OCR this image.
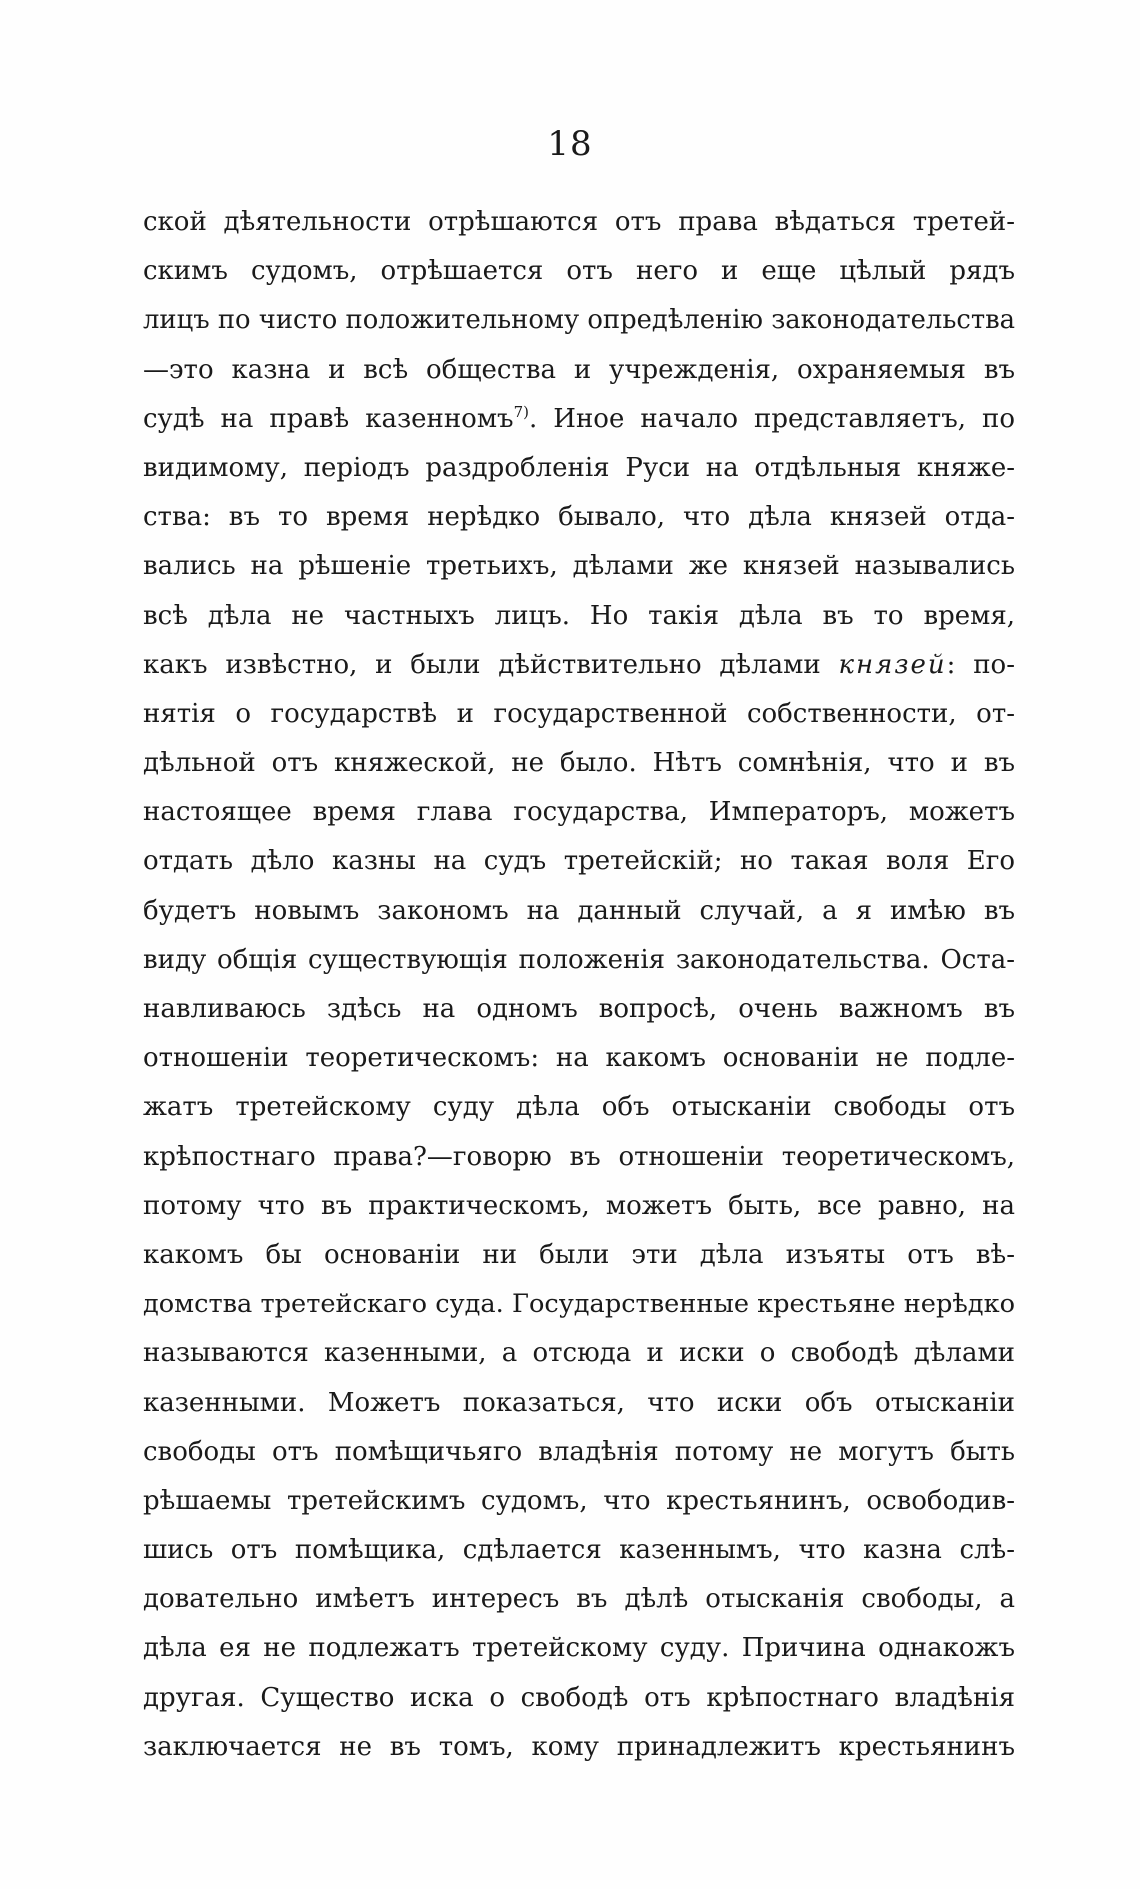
18
ской дѣятельности отрѣшаются отъ права вѣдаться третей-
скимъ судомъ, отрѣшается отъ него и еще цѣлый рядъ
лицъ по чисто положительному опредѣленію законодательства
—это казна и всѣ общества и учрежденія, охраняемыя въ
судѣ на правѣ казенномъ$^{7)}$. Иное начало представляетъ, по
видимому, періодъ раздробленія Руси на отдѣльныя княже-
ства: въ то время нерѣдко бывало, что дѣла князей отда-
вались на рѣшеніе третьихъ, дѣлами же князей назывались
всѣ дѣла не частныхъ лицъ. Но такія дѣла въ то время,
какъ извѣстно, и были дѣйствительно дѣлами князей: по-
нятія о государствѣ и государственной собственности, от-
дѣльной отъ княжеской, не было. Нѣтъ сомнѣнія, что и въ
настоящее время глава государства, Императоръ, можетъ
отдать дѣло казны на судъ третейскій; но такая воля Его
будетъ новымъ закономъ на данный случай, а я имѣю въ
виду общія существующія положенія законодательства. Оста-
навливаюсь здѣсь на одномъ вопросѣ, очень важномъ въ
отношеніи теоретическомъ: на какомъ основаніи не подле-
жатъ третейскому суду дѣла объ отысканіи свободы отъ
крѣпостнаго права?—говорю въ отношеніи теоретическомъ,
потому что въ практическомъ, можетъ быть, все равно, на
какомъ бы основаніи ни были эти дѣла изъяты отъ вѣ-
домства третейскаго суда. Государственные крестьяне нерѣдко
называются казенными, а отсюда и иски о свободѣ дѣлами
казенными. Можетъ показаться, что иски объ отысканіи
свободы отъ помѣщичьяго владѣнія потому не могутъ быть
рѣшаемы третейскимъ судомъ, что крестьянинъ, освободив-
шись отъ помѣщика, сдѣлается казеннымъ, что казна слѣ-
довательно имѣетъ интересъ въ дѣлѣ отысканія свободы, а
дѣла ея не подлежатъ третейскому суду. Причина однакожъ
другая. Существо иска о свободѣ отъ крѣпостнаго владѣнія
заключается не въ томъ, кому принадлежитъ крестьянинъ
